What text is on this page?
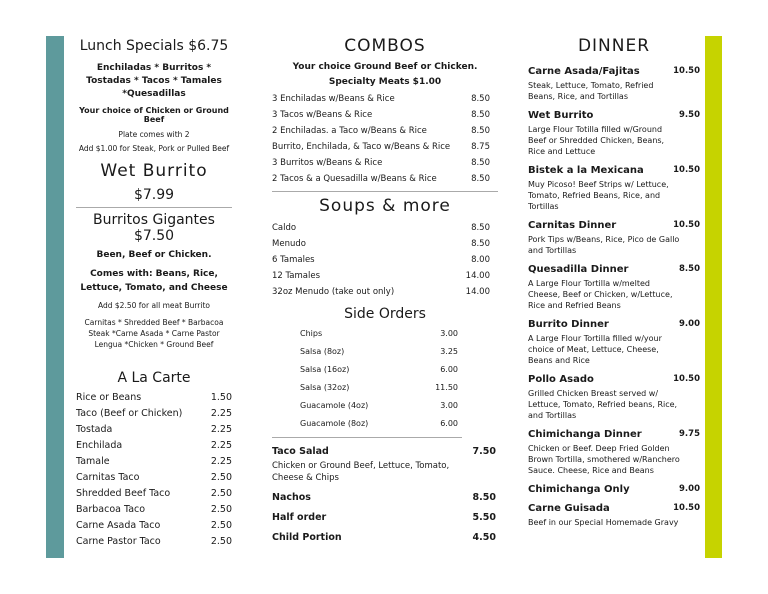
Lunch Specials $6.75
Enchiladas * Burritos * Tostadas * Tacos * Tamales *Quesadillas
Your choice of Chicken or Ground Beef
Plate comes with 2
Add $1.00 for Steak, Pork or Pulled Beef
Wet Burrito
$7.99
Burritos Gigantes
$7.50
Been, Beef or Chicken.
Comes with: Beans, Rice, Lettuce, Tomato, and Cheese
Add $2.50 for all meat Burrito
Carnitas * Shredded Beef * Barbacoa Steak *Carne Asada * Carne Pastor Lengua *Chicken * Ground Beef
A La Carte
Rice or Beans	1.50
Taco (Beef or Chicken)	2.25
Tostada	2.25
Enchilada	2.25
Tamale	2.25
Carnitas Taco	2.50
Shredded Beef Taco	2.50
Barbacoa Taco	2.50
Carne Asada Taco	2.50
Carne Pastor Taco	2.50
COMBOS
Your choice Ground Beef or Chicken.
Specialty Meats $1.00
3 Enchiladas w/Beans & Rice	8.50
3 Tacos w/Beans & Rice	8.50
2 Enchiladas. a Taco w/Beans & Rice	8.50
Burrito, Enchilada, & Taco w/Beans & Rice 8.75
3 Burritos w/Beans & Rice	8.50
2 Tacos & a Quesadilla w/Beans & Rice	8.50
Soups & more
Caldo	8.50
Menudo	8.50
6 Tamales	8.00
12 Tamales	14.00
32oz Menudo (take out only)	14.00
Side Orders
Chips	3.00
Salsa (8oz)	3.25
Salsa (16oz)	6.00
Salsa (32oz)	11.50
Guacamole (4oz)	3.00
Guacamole (8oz)	6.00
Taco Salad	7.50
Chicken or Ground Beef, Lettuce, Tomato, Cheese & Chips
Nachos	8.50
Half order	5.50
Child Portion	4.50
DINNER
Carne Asada/Fajitas	10.50
Steak, Lettuce, Tomato, Refried Beans, Rice, and Tortillas
Wet Burrito	9.50
Large Flour Totilla filled w/Ground Beef or Shredded Chicken, Beans, Rice and Lettuce
Bistek a la Mexicana	10.50
Muy Picoso! Beef Strips w/ Lettuce, Tomato, Refried Beans, Rice, and Tortillas
Carnitas Dinner	10.50
Pork Tips w/Beans, Rice, Pico de Gallo and Tortillas
Quesadilla Dinner	8.50
A Large Flour Tortilla w/melted Cheese, Beef or Chicken, w/Lettuce, Rice and Refried Beans
Burrito Dinner	9.00
A Large Flour Tortilla filled w/your choice of Meat, Lettuce, Cheese, Beans and Rice
Pollo Asado	10.50
Grilled Chicken Breast served w/ Lettuce, Tomato, Refried beans, Rice, and Tortillas
Chimichanga Dinner	9.75
Chicken or Beef. Deep Fried Golden Brown Tortilla, smothered w/Ranchero Sauce. Cheese, Rice and Beans
Chimichanga Only	9.00
Carne Guisada	10.50
Beef in our Special Homemade Gravy
